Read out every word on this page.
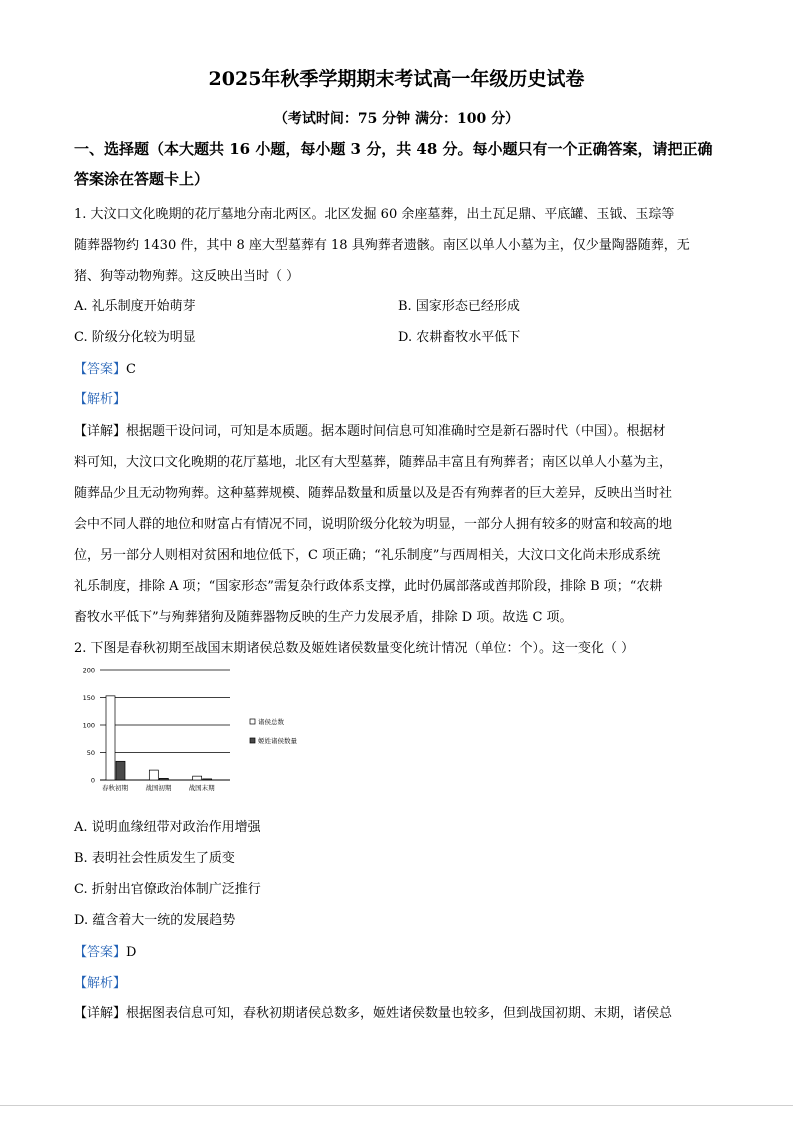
2025年秋季学期期末考试高一年级历史试卷
（考试时间：75 分钟 满分：100 分）
一、选择题（本大题共 16 小题，每小题 3 分，共 48 分。每小题只有一个正确答案，请把正确
答案涂在答题卡上）
1. 大汶口文化晚期的花厅墓地分南北两区。北区发掘 60 余座墓葬，出土瓦足鼎、平底罐、玉钺、玉琮等
随葬器物约 1430 件，其中 8 座大型墓葬有 18 具殉葬者遗骸。南区以单人小墓为主，仅少量陶器随葬，无
猪、狗等动物殉葬。这反映出当时（ ）
A. 礼乐制度开始萌芽	B. 国家形态已经形成
C. 阶级分化较为明显	D. 农耕畜牧水平低下
【答案】C
【解析】
【详解】根据题干设问词，可知是本质题。据本题时间信息可知准确时空是新石器时代（中国）。根据材
料可知，大汶口文化晚期的花厅墓地，北区有大型墓葬，随葬品丰富且有殉葬者；南区以单人小墓为主，
随葬品少且无动物殉葬。这种墓葬规模、随葬品数量和质量以及是否有殉葬者的巨大差异，反映出当时社
会中不同人群的地位和财富占有情况不同，说明阶级分化较为明显，一部分人拥有较多的财富和较高的地
位，另一部分人则相对贫困和地位低下，C 项正确；“礼乐制度”与西周相关，大汶口文化尚未形成系统
礼乐制度，排除 A 项；“国家形态”需复杂行政体系支撑，此时仍属部落或酋邦阶段，排除 B 项；“农耕
畜牧水平低下”与殉葬猪狗及随葬器物反映的生产力发展矛盾，排除 D 项。故选 C 项。
2. 下图是春秋初期至战国末期诸侯总数及姬姓诸侯数量变化统计情况（单位：个）。这一变化（ ）
0
50
100
150
200
春秋初期	战国初期	战国末期
诸侯总数
姬姓诸侯数量
A. 说明血缘纽带对政治作用增强
B. 表明社会性质发生了质变
C. 折射出官僚政治体制广泛推行
D. 蕴含着大一统的发展趋势
【答案】D
【解析】
【详解】根据图表信息可知，春秋初期诸侯总数多，姬姓诸侯数量也较多，但到战国初期、末期，诸侯总
